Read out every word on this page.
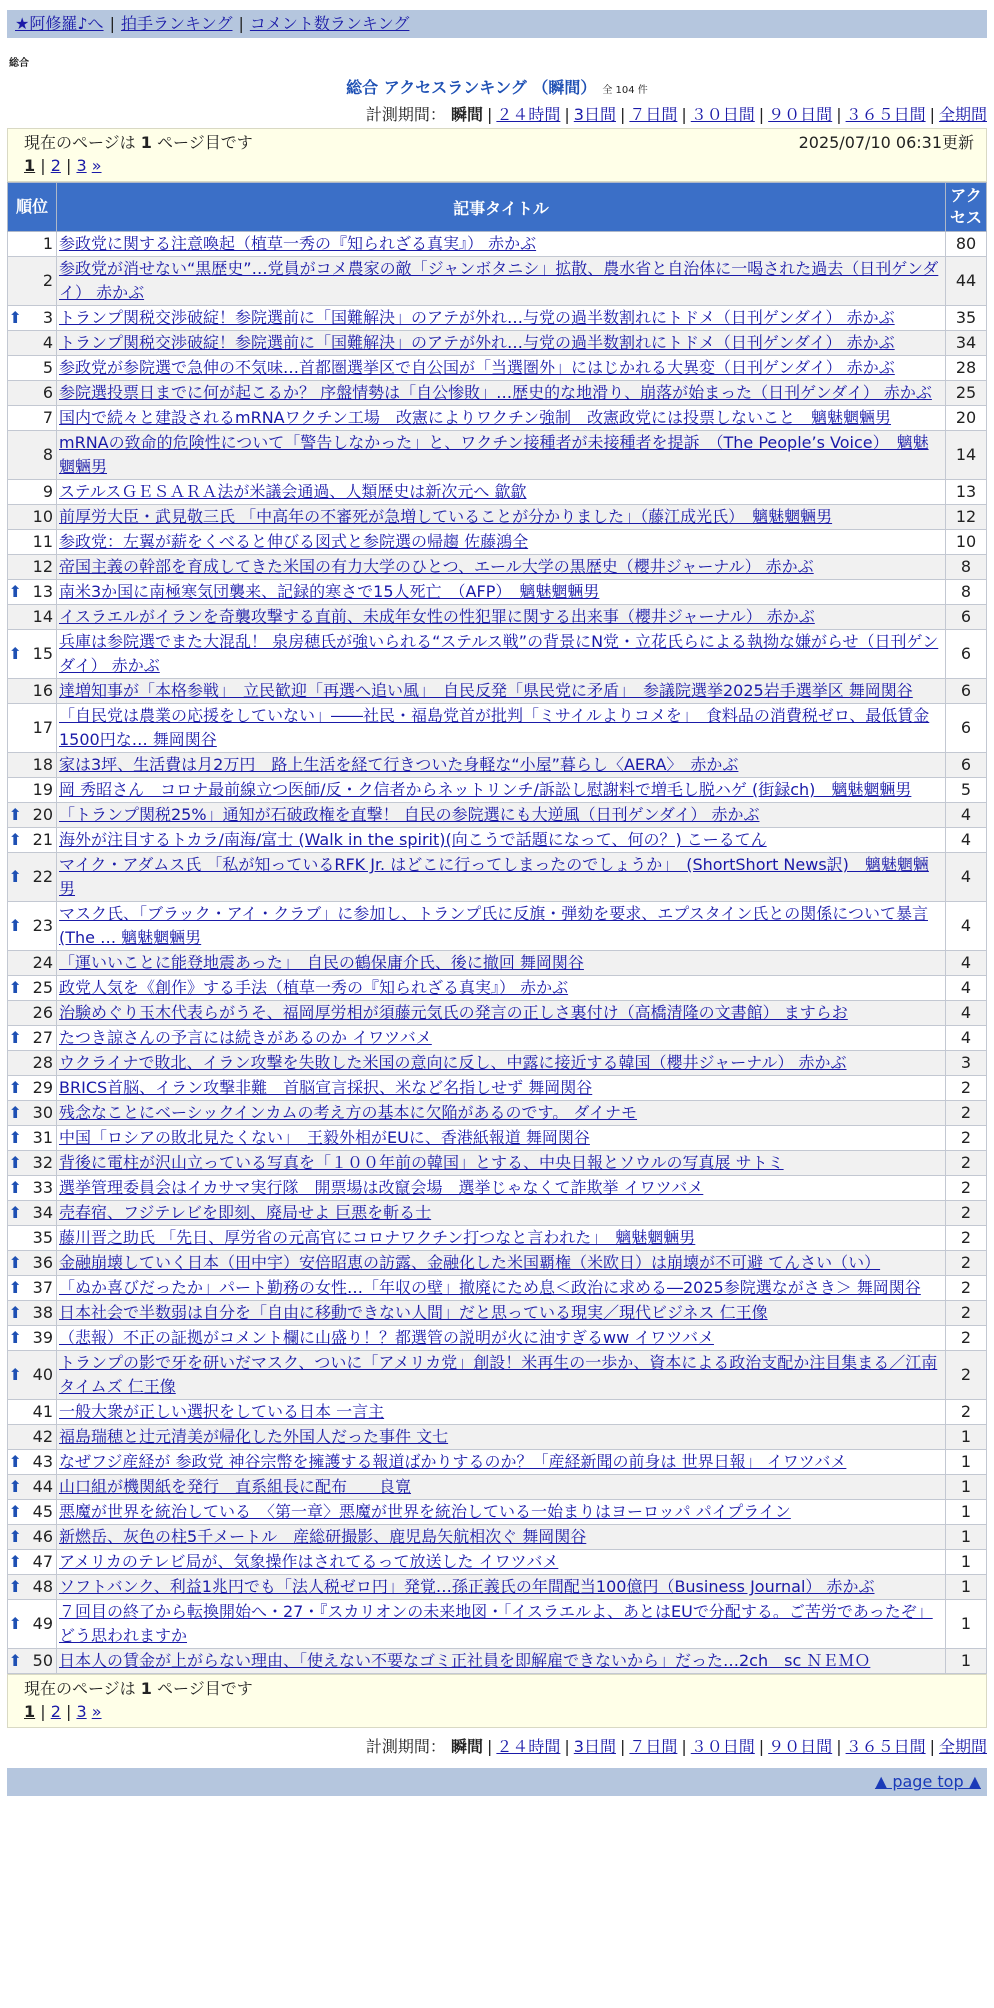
★阿修羅♪へ | 拍手ランキング | コメント数ランキング
総合
総合 アクセスランキング （瞬間） 全 104 件
計測期間： 瞬間 | ２４時間 | 3日間 | ７日間 | ３０日間 | ９０日間 | ３６５日間 | 全期間
現在のページは 1 ページ目です	2025/07/10 06:31更新
1 | 2 | 3 »
順位		記事タイトル	アクセス
	1	参政党に関する注意喚起（植草一秀の『知られざる真実』） 赤かぶ	80
	2	参政党が消せない“黒歴史”…党員がコメ農家の敵「ジャンボタニシ」拡散、農水省と自治体に一喝された過去（日刊ゲンダイ） 赤かぶ	44
⬆	3	トランプ関税交渉破綻！参院選前に「国難解決」のアテが外れ…与党の過半数割れにトドメ（日刊ゲンダイ） 赤かぶ	35
	4	トランプ関税交渉破綻！参院選前に「国難解決」のアテが外れ…与党の過半数割れにトドメ（日刊ゲンダイ） 赤かぶ	34
	5	参政党が参院選で急伸の不気味…首都圏選挙区で自公国が「当選圏外」にはじかれる大異変（日刊ゲンダイ） 赤かぶ	28
	6	参院選投票日までに何が起こるか？ 序盤情勢は「自公惨敗」…歴史的な地滑り、崩落が始まった（日刊ゲンダイ） 赤かぶ	25
	7	国内で続々と建設されるmRNAワクチン工場　改憲によりワクチン強制　改憲政党には投票しないこと　魑魅魍魎男	20
	8	mRNAの致命的危険性について「警告しなかった」と、ワクチン接種者が未接種者を提訴　（The People’s Voice）　魑魅魍魎男	14
	9	ステルスＧＥＳＡＲＡ法が米議会通過、人類歴史は新次元へ 歙歙	13
	10	前厚労大臣・武見敬三氏 「中高年の不審死が急増していることが分かりました」（藤江成光氏）　魑魅魍魎男	12
	11	参政党：左翼が薪をくべると伸びる図式と参院選の帰趨 佐藤鴻全	10
	12	帝国主義の幹部を育成してきた米国の有力大学のひとつ、エール大学の黒歴史（櫻井ジャーナル） 赤かぶ	8
⬆	13	南米3か国に南極寒気団襲来、記録的寒さで15人死亡　（AFP）　魑魅魍魎男	8
	14	イスラエルがイランを奇襲攻撃する直前、未成年女性の性犯罪に関する出来事（櫻井ジャーナル） 赤かぶ	6
⬆	15	兵庫は参院選でまた大混乱！ 泉房穂氏が強いられる“ステルス戦”の背景にN党・立花氏らによる執拗な嫌がらせ（日刊ゲンダイ） 赤かぶ	6
	16	達増知事が「本格参戦」　立民歓迎「再選へ追い風」　自民反発「県民党に矛盾」　参議院選挙2025岩手選挙区 舞岡関谷	6
	17	「自民党は農業の応援をしていない」――社民・福島党首が批判「ミサイルよりコメを」　食料品の消費税ゼロ、最低賃金1500円な… 舞岡関谷	6
	18	家は3坪、生活費は月2万円　路上生活を経て行きついた身軽な“小屋”暮らし〈AERA〉　赤かぶ	6
	19	岡 秀昭さん　コロナ最前線立つ医師/反・ク信者からネットリンチ/訴訟し慰謝料で増毛し脱ハゲ (街録ch)　魑魅魍魎男	5
⬆	20	「トランプ関税25%」通知が石破政権を直撃！ 自民の参院選にも大逆風（日刊ゲンダイ） 赤かぶ	4
⬆	21	海外が注目するトカラ/南海/富士 (Walk in the spirit)(向こうで話題になって、何の？) こーるてん	4
⬆	22	マイク・アダムス氏 「私が知っているRFK Jr. はどこに行ってしまったのでしょうか」　(ShortShort News訳)　魑魅魍魎男	4
⬆	23	マスク氏、「ブラック・アイ・クラブ」に参加し、トランプ氏に反旗・弾劾を要求、エプスタイン氏との関係について暴言(The … 魑魅魍魎男	4
	24	「運いいことに能登地震あった」　自民の鶴保庸介氏、後に撤回 舞岡関谷	4
⬆	25	政党人気を《創作》する手法（植草一秀の『知られざる真実』） 赤かぶ	4
	26	治験めぐり玉木代表らがうそ、福岡厚労相が須藤元気氏の発言の正しさ裏付け（高橋清隆の文書館） ますらお	4
⬆	27	たつき諒さんの予言には続きがあるのか イワツバメ	4
	28	ウクライナで敗北、イラン攻撃を失敗した米国の意向に反し、中露に接近する韓国（櫻井ジャーナル） 赤かぶ	3
⬆	29	BRICS首脳、イラン攻撃非難　首脳宣言採択、米など名指しせず 舞岡関谷	2
⬆	30	残念なことにベーシックインカムの考え方の基本に欠陥があるのです。 ダイナモ	2
⬆	31	中国「ロシアの敗北見たくない」　王毅外相がEUに、香港紙報道 舞岡関谷	2
⬆	32	背後に電柱が沢山立っている写真を「１００年前の韓国」とする、中央日報とソウルの写真展 サトミ	2
⬆	33	選挙管理委員会はイカサマ実行隊　開票場は改竄会場　選挙じゃなくて詐欺挙 イワツバメ	2
⬆	34	売春宿、フジテレビを即刻、廃局せよ 巨悪を斬る士	2
	35	藤川晋之助氏 「先日、厚労省の元高官にコロナワクチン打つなと言われた」　魑魅魍魎男	2
⬆	36	金融崩壊していく日本（田中宇）安倍昭恵の訪露、金融化した米国覇権（米欧日）は崩壊が不可避 てんさい（い）	2
⬆	37	「ぬか喜びだったか」パート勤務の女性…「年収の壁」撤廃にため息＜政治に求める―2025参院選ながさき＞ 舞岡関谷	2
⬆	38	日本社会で半数弱は自分を「自由に移動できない人間」だと思っている現実／現代ビジネス 仁王像	2
⬆	39	（悲報）不正の証拠がコメント欄に山盛り！？都選管の説明が火に油すぎるww イワツバメ	2
⬆	40	トランプの影で牙を研いだマスク、ついに「アメリカ党」創設！米再生の一歩か、資本による政治支配か注目集まる／江南タイムズ 仁王像	2
	41	一般大衆が正しい選択をしている日本 一言主	2
	42	福島瑞穂と辻元清美が帰化した外国人だった事件 文七	1
⬆	43	なぜフジ産経が 参政党 神谷宗幣を擁護する報道ばかりするのか？「産経新聞の前身は 世界日報」 イワツバメ	1
⬆	44	山口組が機関紙を発行　直系組長に配布　　良寛	1
⬆	45	悪魔が世界を統治している　〈第一章〉悪魔が世界を統治している一始まりはヨーロッパ パイプライン	1
⬆	46	新燃岳、灰色の柱5千メートル　産総研撮影、鹿児島矢航相次ぐ 舞岡関谷	1
⬆	47	アメリカのテレビ局が、気象操作はされてるって放送した イワツバメ	1
⬆	48	ソフトバンク、利益1兆円でも「法人税ゼロ円」発覚…孫正義氏の年間配当100億円（Business Journal） 赤かぶ	1
⬆	49	７回目の終了から転換開始へ・27・『スカリオンの未来地図・「イスラエルよ、あとはEUで分配する。ご苦労であったぞ」 どう思われますか	1
⬆	50	日本人の賃金が上がらない理由、「使えない不要なゴミ正社員を即解雇できないから」だった…2ch　sc ＮＥＭＯ	1
現在のページは 1 ページ目です
1 | 2 | 3 »
計測期間： 瞬間 | ２４時間 | 3日間 | ７日間 | ３０日間 | ９０日間 | ３６５日間 | 全期間
▲ page top ▲
